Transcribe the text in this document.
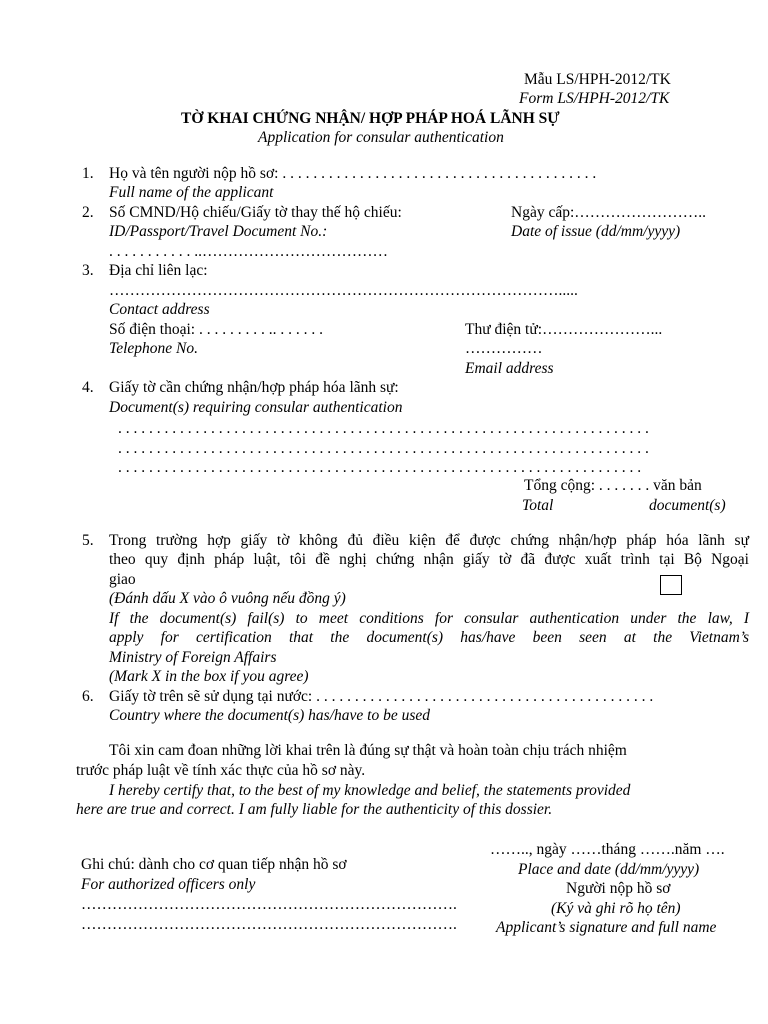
Mẫu LS/HPH-2012/TK
Form LS/HPH-2012/TK
TỜ KHAI CHỨNG NHẬN/ HỢP PHÁP HOÁ LÃNH SỰ
Application for consular authentication
1. Họ và tên người nộp hồ sơ: . . . . . . . . . . . . . . . . . . . . . . . . . . . . . . . . . . . . . . . . .
Full name of the applicant
2. Số CMND/Hộ chiếu/Giấy tờ thay thế hộ chiếu:
ID/Passport/Travel Document No.:
. . . . . . . . . . . ..………………………………
Ngày cấp:……………………..
Date of issue (dd/mm/yyyy)
3. Địa chỉ liên lạc:
…………………………………………………………………………….....
Contact address
Số điện thoại: . . . . . . . . . .. . . . . . .
Telephone No.
Thư điện tử:…………………...
……………
Email address
4. Giấy tờ cần chứng nhận/hợp pháp hóa lãnh sự:
Document(s) requiring consular authentication
. . . . . . . . . . . . . . . . . . . . . . . . . . . . . . . . . . . . . . . . . . . . . . . . . . . . . . . . . . . . . . . . . . . . .
. . . . . . . . . . . . . . . . . . . . . . . . . . . . . . . . . . . . . . . . . . . . . . . . . . . . . . . . . . . . . . . . . . . . .
. . . . . . . . . . . . . . . . . . . . . . . . . . . . . . . . . . . . . . . . . . . . . . . . . . . . . . . . . . . . . . . . . . . .
Tổng cộng: . . . . . . . văn bản
Total	document(s)
5. Trong trường hợp giấy tờ không đủ điều kiện để được chứng nhận/hợp pháp hóa lãnh sự
theo quy định pháp luật, tôi đề nghị chứng nhận giấy tờ đã được xuất trình tại Bộ Ngoại
giao
(Đánh dấu X vào ô vuông nếu đồng ý)
If the document(s) fail(s) to meet conditions for consular authentication under the law, I
apply for certification that the document(s) has/have been seen at the Vietnam’s
Ministry of Foreign Affairs
(Mark X in the box if you agree)
6. Giấy tờ trên sẽ sử dụng tại nước: . . . . . . . . . . . . . . . . . . . . . . . . . . . . . . . . . . . . . . . . . . . .
Country where the document(s) has/have to be used
Tôi xin cam đoan những lời khai trên là đúng sự thật và hoàn toàn chịu trách nhiệm
trước pháp luật về tính xác thực của hồ sơ này.
I hereby certify that, to the best of my knowledge and belief, the statements provided
here are true and correct. I am fully liable for the authenticity of this dossier.
Ghi chú: dành cho cơ quan tiếp nhận hồ sơ
For authorized officers only
……………………………………………………………….
……………………………………………………………….
…….., ngày ……tháng …….năm ….
Place and date (dd/mm/yyyy)
Người nộp hồ sơ
(Ký và ghi rõ họ tên)
Applicant’s signature and full name
